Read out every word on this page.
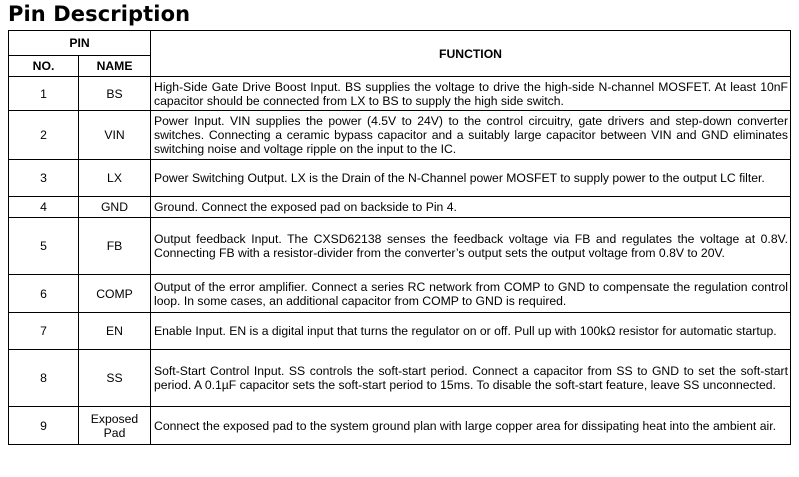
Pin Description
PIN		FUNCTION
NO.	NAME	
1	BS	High-Side Gate Drive Boost Input. BS supplies the voltage to drive the high-side N-channel MOSFET. At least 10nF capacitor should be connected from LX to BS to supply the high side switch.
2	VIN	Power Input. VIN supplies the power (4.5V to 24V) to the control circuitry, gate drivers and step-down converter switches. Connecting a ceramic bypass capacitor and a suitably large capacitor between VIN and GND eliminates switching noise and voltage ripple on the input to the IC.
3	LX	Power Switching Output. LX is the Drain of the N-Channel power MOSFET to supply power to the output LC filter.
4	GND	Ground. Connect the exposed pad on backside to Pin 4.
5	FB	Output feedback Input. The CXSD62138 senses the feedback voltage via FB and regulates the voltage at 0.8V. Connecting FB with a resistor-divider from the converter’s output sets the output voltage from 0.8V to 20V.
6	COMP	Output of the error amplifier. Connect a series RC network from COMP to GND to compensate the regulation control loop. In some cases, an additional capacitor from COMP to GND is required.
7	EN	Enable Input. EN is a digital input that turns the regulator on or off. Pull up with 100kΩ resistor for automatic startup.
8	SS	Soft-Start Control Input. SS controls the soft-start period. Connect a capacitor from SS to GND to set the soft-start period. A 0.1µF capacitor sets the soft-start period to 15ms. To disable the soft-start feature, leave SS unconnected.
9	Exposed Pad	Connect the exposed pad to the system ground plan with large copper area for dissipating heat into the ambient air.
